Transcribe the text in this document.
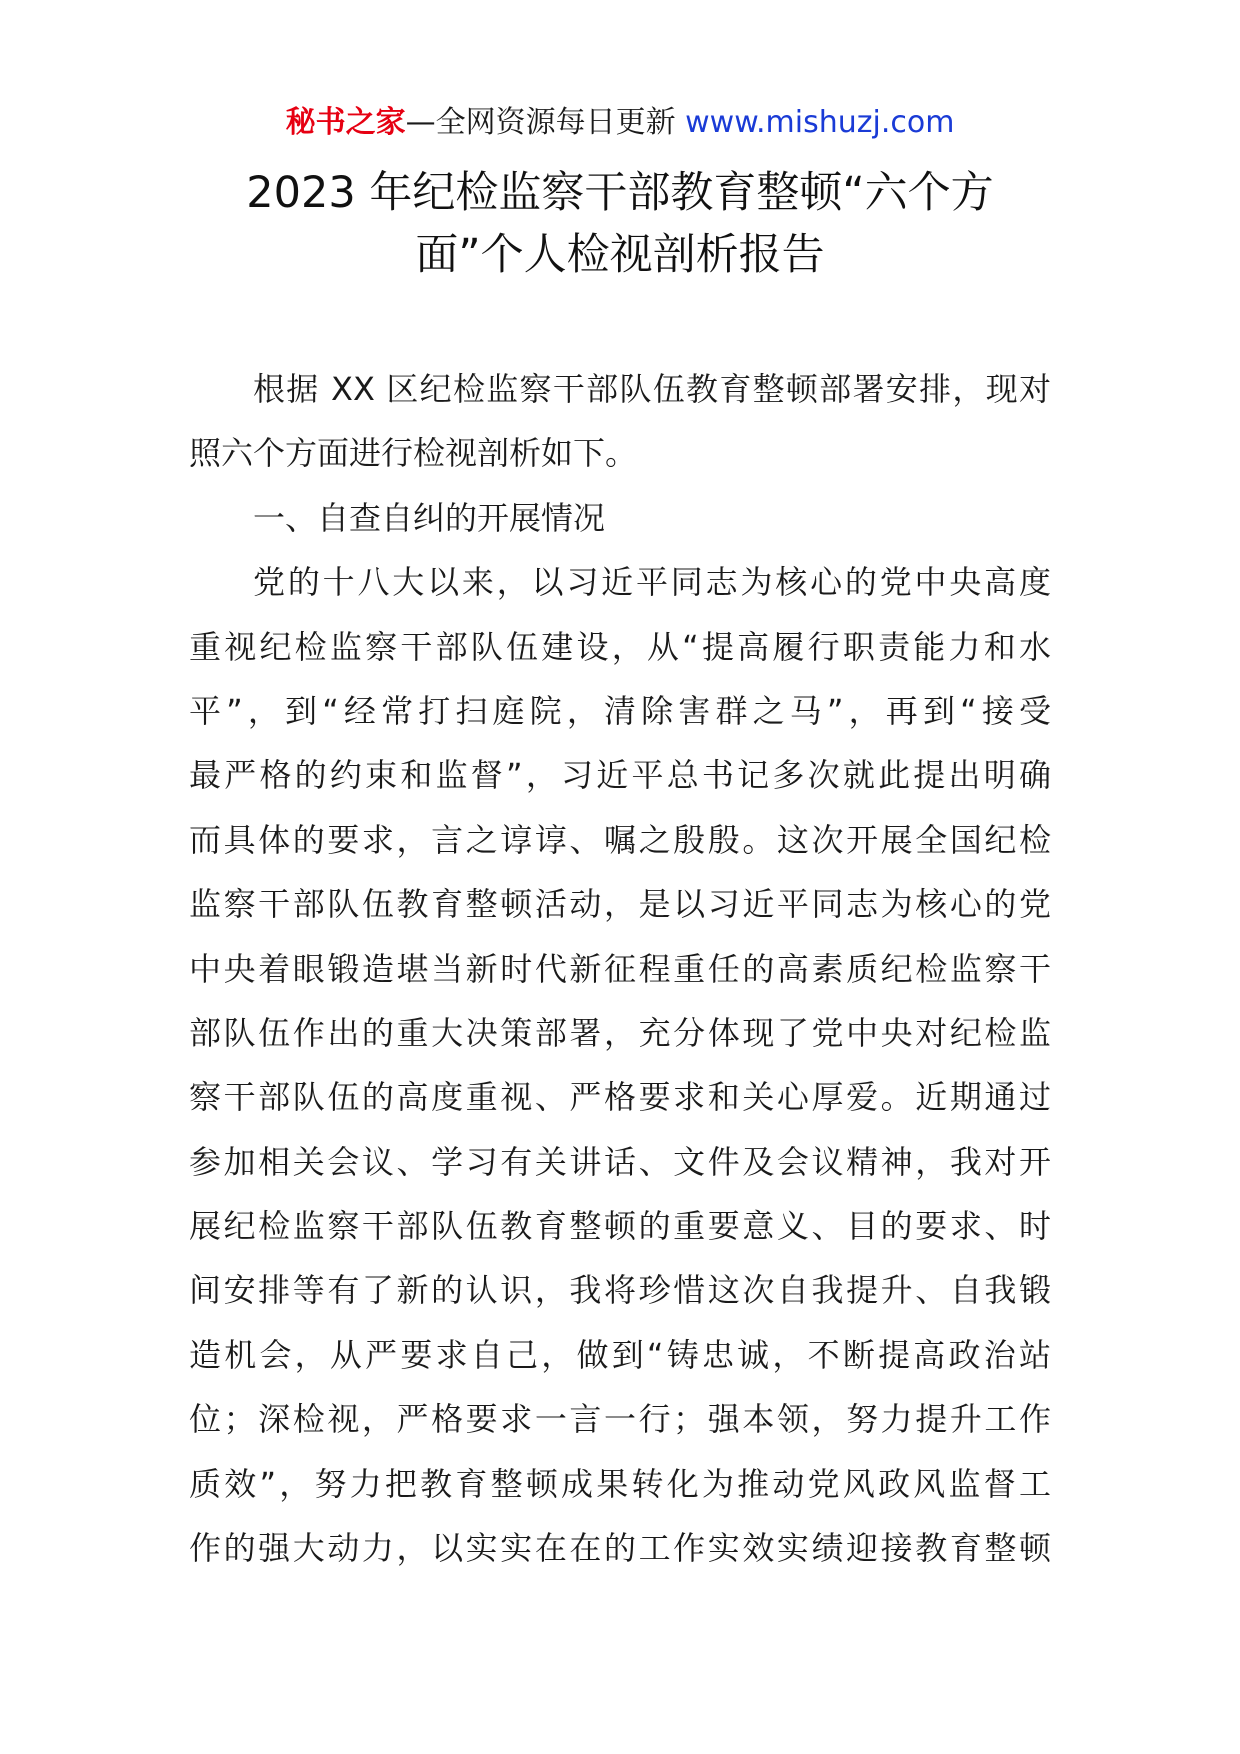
秘书之家—全网资源每日更新 www.mishuzj.com
2023 年纪检监察干部教育整顿“六个方
面”个人检视剖析报告
根据 XX 区纪检监察干部队伍教育整顿部署安排，现对
照六个方面进行检视剖析如下。
一、自查自纠的开展情况
党的十八大以来，以习近平同志为核心的党中央高度
重视纪检监察干部队伍建设，从“提高履行职责能力和水
平”，到“经常打扫庭院，清除害群之马”，再到“接受
最严格的约束和监督”，习近平总书记多次就此提出明确
而具体的要求，言之谆谆、嘱之殷殷。这次开展全国纪检
监察干部队伍教育整顿活动，是以习近平同志为核心的党
中央着眼锻造堪当新时代新征程重任的高素质纪检监察干
部队伍作出的重大决策部署，充分体现了党中央对纪检监
察干部队伍的高度重视、严格要求和关心厚爱。近期通过
参加相关会议、学习有关讲话、文件及会议精神，我对开
展纪检监察干部队伍教育整顿的重要意义、目的要求、时
间安排等有了新的认识，我将珍惜这次自我提升、自我锻
造机会，从严要求自己，做到“铸忠诚，不断提高政治站
位；深检视，严格要求一言一行；强本领，努力提升工作
质效”，努力把教育整顿成果转化为推动党风政风监督工
作的强大动力，以实实在在的工作实效实绩迎接教育整顿
